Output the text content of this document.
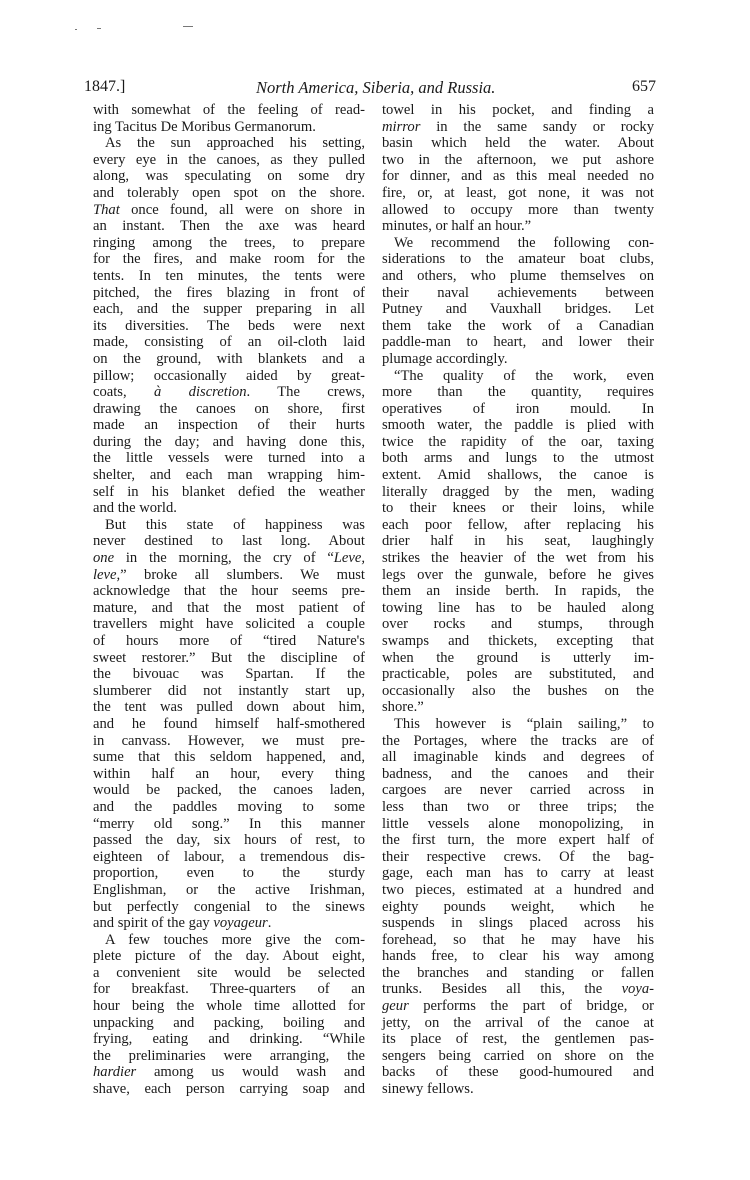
1847.]	North America, Siberia, and Russia.	657
with somewhat of the feeling of read-
ing Tacitus De Moribus Germanorum.
As the sun approached his setting,
every eye in the canoes, as they pulled
along, was speculating on some dry
and tolerably open spot on the shore.
That once found, all were on shore in
an instant. Then the axe was heard
ringing among the trees, to prepare
for the fires, and make room for the
tents. In ten minutes, the tents were
pitched, the fires blazing in front of
each, and the supper preparing in all
its diversities. The beds were next
made, consisting of an oil-cloth laid
on the ground, with blankets and a
pillow; occasionally aided by great-
coats, à discretion. The crews,
drawing the canoes on shore, first
made an inspection of their hurts
during the day; and having done this,
the little vessels were turned into a
shelter, and each man wrapping him-
self in his blanket defied the weather
and the world.
But this state of happiness was
never destined to last long. About
one in the morning, the cry of “Leve,
leve,” broke all slumbers. We must
acknowledge that the hour seems pre-
mature, and that the most patient of
travellers might have solicited a couple
of hours more of “tired Nature's
sweet restorer.” But the discipline of
the bivouac was Spartan. If the
slumberer did not instantly start up,
the tent was pulled down about him,
and he found himself half-smothered
in canvass. However, we must pre-
sume that this seldom happened, and,
within half an hour, every thing
would be packed, the canoes laden,
and the paddles moving to some
“merry old song.” In this manner
passed the day, six hours of rest, to
eighteen of labour, a tremendous dis-
proportion, even to the sturdy
Englishman, or the active Irishman,
but perfectly congenial to the sinews
and spirit of the gay voyageur.
A few touches more give the com-
plete picture of the day. About eight,
a convenient site would be selected
for breakfast. Three-quarters of an
hour being the whole time allotted for
unpacking and packing, boiling and
frying, eating and drinking. “While
the preliminaries were arranging, the
hardier among us would wash and
shave, each person carrying soap and
towel in his pocket, and finding a
mirror in the same sandy or rocky
basin which held the water. About
two in the afternoon, we put ashore
for dinner, and as this meal needed no
fire, or, at least, got none, it was not
allowed to occupy more than twenty
minutes, or half an hour.”
We recommend the following con-
siderations to the amateur boat clubs,
and others, who plume themselves on
their naval achievements between
Putney and Vauxhall bridges. Let
them take the work of a Canadian
paddle-man to heart, and lower their
plumage accordingly.
“The quality of the work, even
more than the quantity, requires
operatives of iron mould. In
smooth water, the paddle is plied with
twice the rapidity of the oar, taxing
both arms and lungs to the utmost
extent. Amid shallows, the canoe is
literally dragged by the men, wading
to their knees or their loins, while
each poor fellow, after replacing his
drier half in his seat, laughingly
strikes the heavier of the wet from his
legs over the gunwale, before he gives
them an inside berth. In rapids, the
towing line has to be hauled along
over rocks and stumps, through
swamps and thickets, excepting that
when the ground is utterly im-
practicable, poles are substituted, and
occasionally also the bushes on the
shore.”
This however is “plain sailing,” to
the Portages, where the tracks are of
all imaginable kinds and degrees of
badness, and the canoes and their
cargoes are never carried across in
less than two or three trips; the
little vessels alone monopolizing, in
the first turn, the more expert half of
their respective crews. Of the bag-
gage, each man has to carry at least
two pieces, estimated at a hundred and
eighty pounds weight, which he
suspends in slings placed across his
forehead, so that he may have his
hands free, to clear his way among
the branches and standing or fallen
trunks. Besides all this, the voya-
geur performs the part of bridge, or
jetty, on the arrival of the canoe at
its place of rest, the gentlemen pas-
sengers being carried on shore on the
backs of these good-humoured and
sinewy fellows.
